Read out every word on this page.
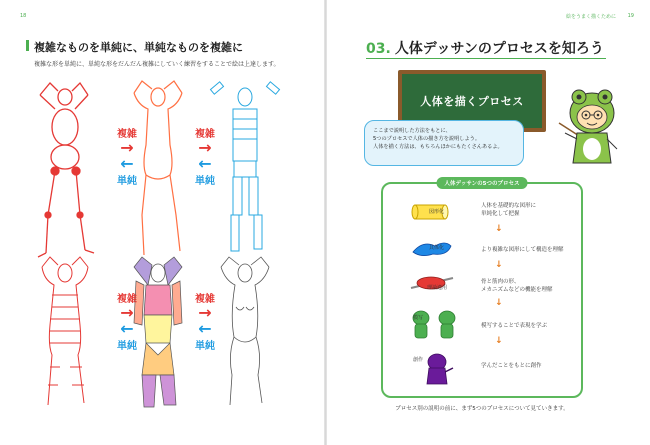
18	絵をうまく描くために 19
複雑なものを単純に、単純なものを複雑に
複雑な形を単純に、単純な形をだんだん複雑にしていく練習をすることで絵は上達します。
複雑
→
←
単純
複雑
→
←
単純
複雑
→
←
単純
複雑
→
←
単純
03. 人体デッサンのプロセスを知ろう
人体を描くプロセス

ここまで説明した方法をもとに、

5つのプロセスで人体の描き方を説明しよう。

人体を描く方法は、もちろんほかにもたくさんあるよ。

人体デッサンの5つのプロセス
図形化
人体を基礎的な図形に
単純化して把握
↓
具体化	より複雑な図形にして構造を理解
↓
理論適用
骨と筋肉の形、
メカニズムなどの機能を理解
↓
模写
模写することで表現を学ぶ
↓
創作
学んだことをもとに創作
プロセス別の説明の前に、まず5つのプロセスについて見ていきます。
